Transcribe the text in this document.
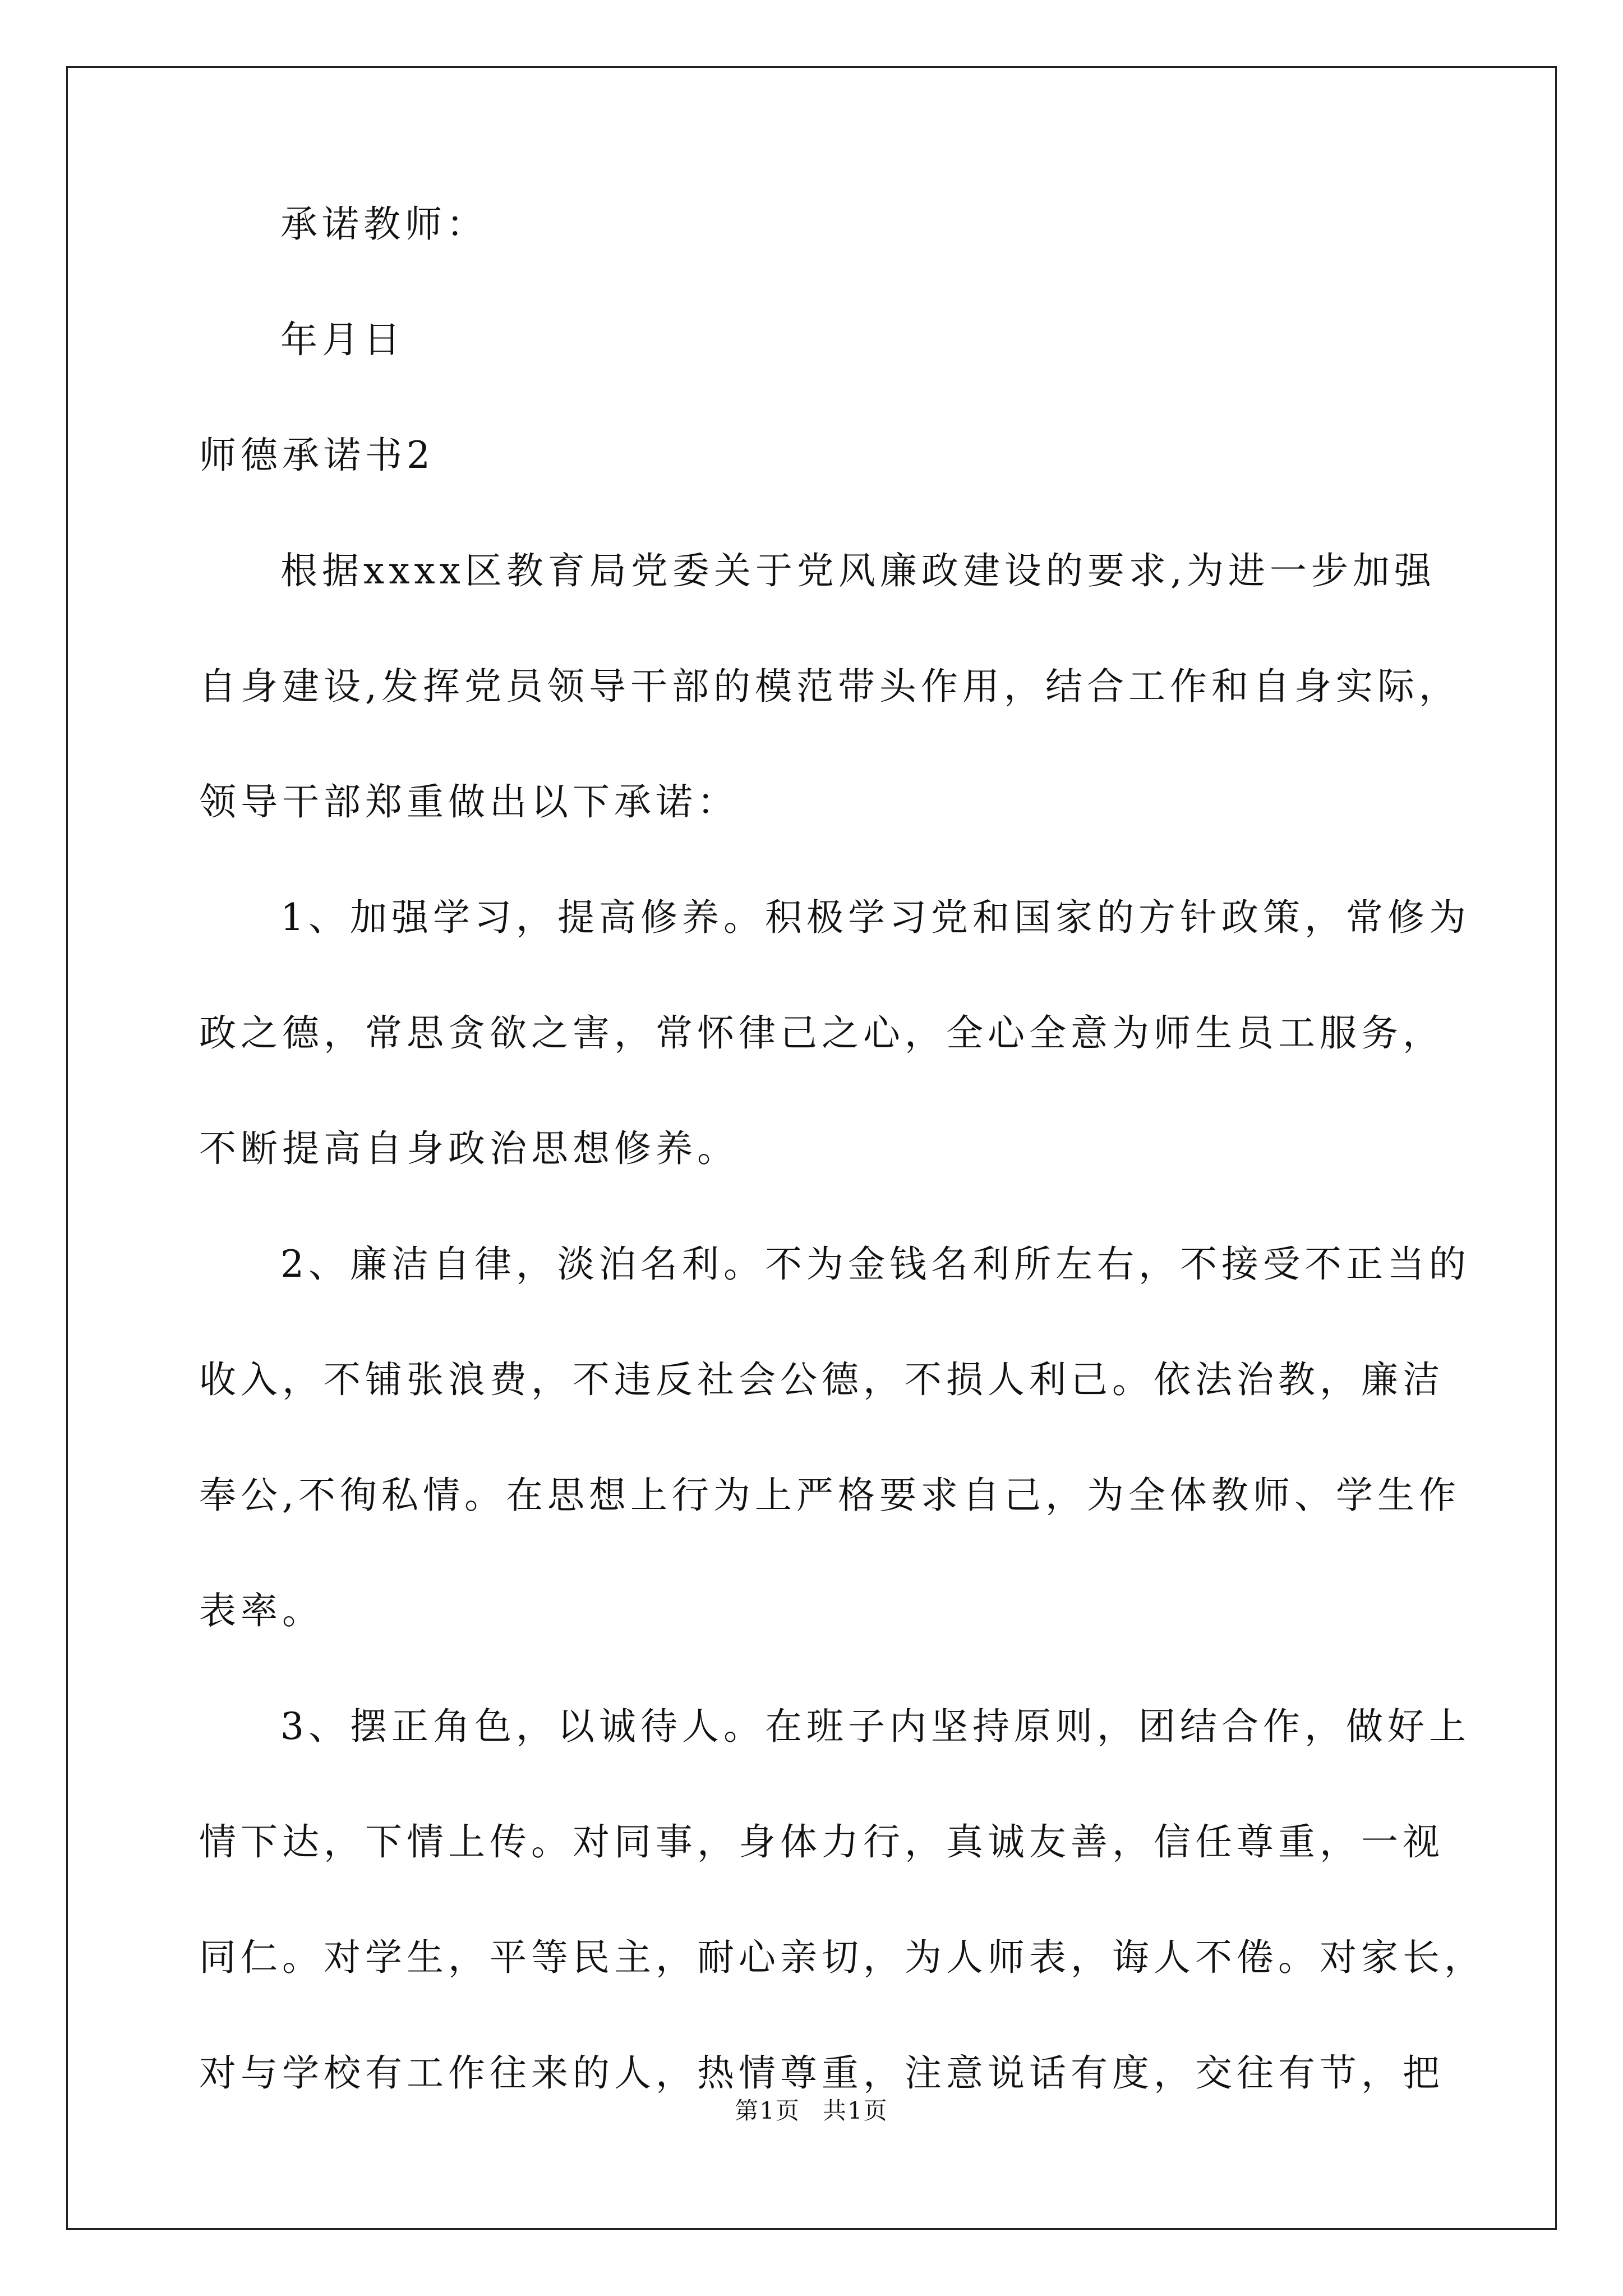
承诺教师：

年月日

师德承诺书2

根据xxxx区教育局党委关于党风廉政建设的要求,为进一步加强

自身建设,发挥党员领导干部的模范带头作用，结合工作和自身实际，

领导干部郑重做出以下承诺：

1、加强学习，提高修养。积极学习党和国家的方针政策，常修为

政之德，常思贪欲之害，常怀律己之心，全心全意为师生员工服务，

不断提高自身政治思想修养。

2、廉洁自律，淡泊名利。不为金钱名利所左右，不接受不正当的

收入，不铺张浪费，不违反社会公德，不损人利己。依法治教，廉洁

奉公,不徇私情。在思想上行为上严格要求自己，为全体教师、学生作

表率。

3、摆正角色，以诚待人。在班子内坚持原则，团结合作，做好上

情下达，下情上传。对同事，身体力行，真诚友善，信任尊重，一视

同仁。对学生，平等民主，耐心亲切，为人师表，诲人不倦。对家长，

对与学校有工作往来的人，热情尊重，注意说话有度，交往有节，把

第1页 共1页
